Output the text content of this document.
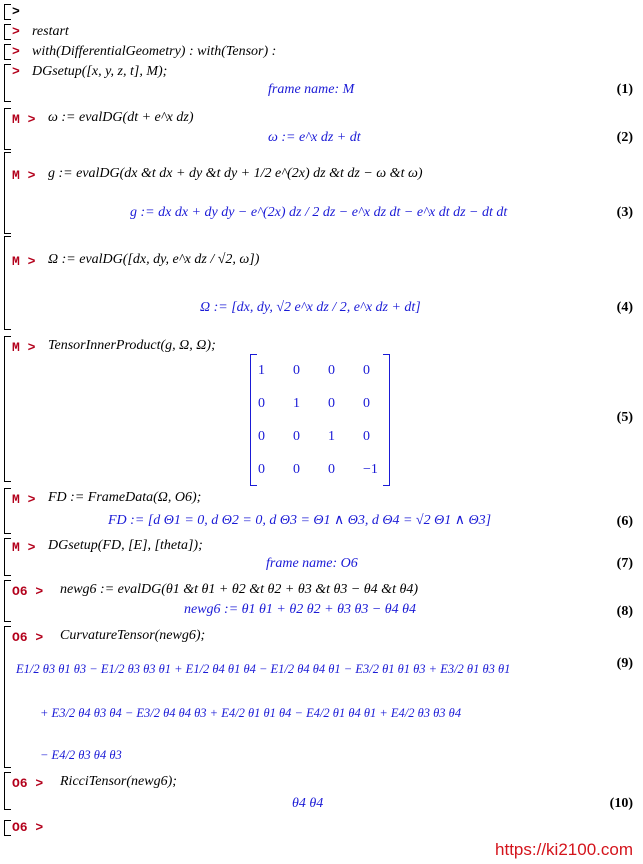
>
> restart
> with(DifferentialGeometry) : with(Tensor) :
> DGsetup([x, y, z, t], M);
frame name: M	(1)
M > ω := evalDG(dt + e^x dz)
ω := e^x dz + dt	(2)
M > g := evalDG(dx &t dx + dy &t dy + 1/2 e^(2x) dz &t dz − ω &t ω)
g := dx dx + dy dy − e^(2x) dz / 2 dz − e^x dz dt − e^x dt dz − dt dt	(3)
M > Ω := evalDG([dx, dy, e^x dz / √2, ω])
Ω := [dx, dy, √2 e^x dz / 2, e^x dz + dt]	(4)
M > TensorInnerProduct(g, Ω, Ω);
1	0	0	0
0	1	0	0
0	0	1	0
0	0	0	−1
(5)
M > FD := FrameData(Ω, O6);
FD := [d Θ1 = 0, d Θ2 = 0, d Θ3 = Θ1 ∧ Θ3, d Θ4 = √2 Θ1 ∧ Θ3]	(6)
M > DGsetup(FD, [E], [theta]);
frame name: O6	(7)
O6 > newg6 := evalDG(θ1 &t θ1 + θ2 &t θ2 + θ3 &t θ3 − θ4 &t θ4)
newg6 := θ1 θ1 + θ2 θ2 + θ3 θ3 − θ4 θ4	(8)
O6 > CurvatureTensor(newg6);
E1/2 θ3 θ1 θ3 − E1/2 θ3 θ3 θ1 + E1/2 θ4 θ1 θ4 − E1/2 θ4 θ4 θ1 − E3/2 θ1 θ1 θ3 + E3/2 θ1 θ3 θ1
+ E3/2 θ4 θ3 θ4 − E3/2 θ4 θ4 θ3 + E4/2 θ1 θ1 θ4 − E4/2 θ1 θ4 θ1 + E4/2 θ3 θ3 θ4
− E4/2 θ3 θ4 θ3
(9)
O6 > RicciTensor(newg6);
θ4 θ4	(10)
O6 >
https://ki2100.com
